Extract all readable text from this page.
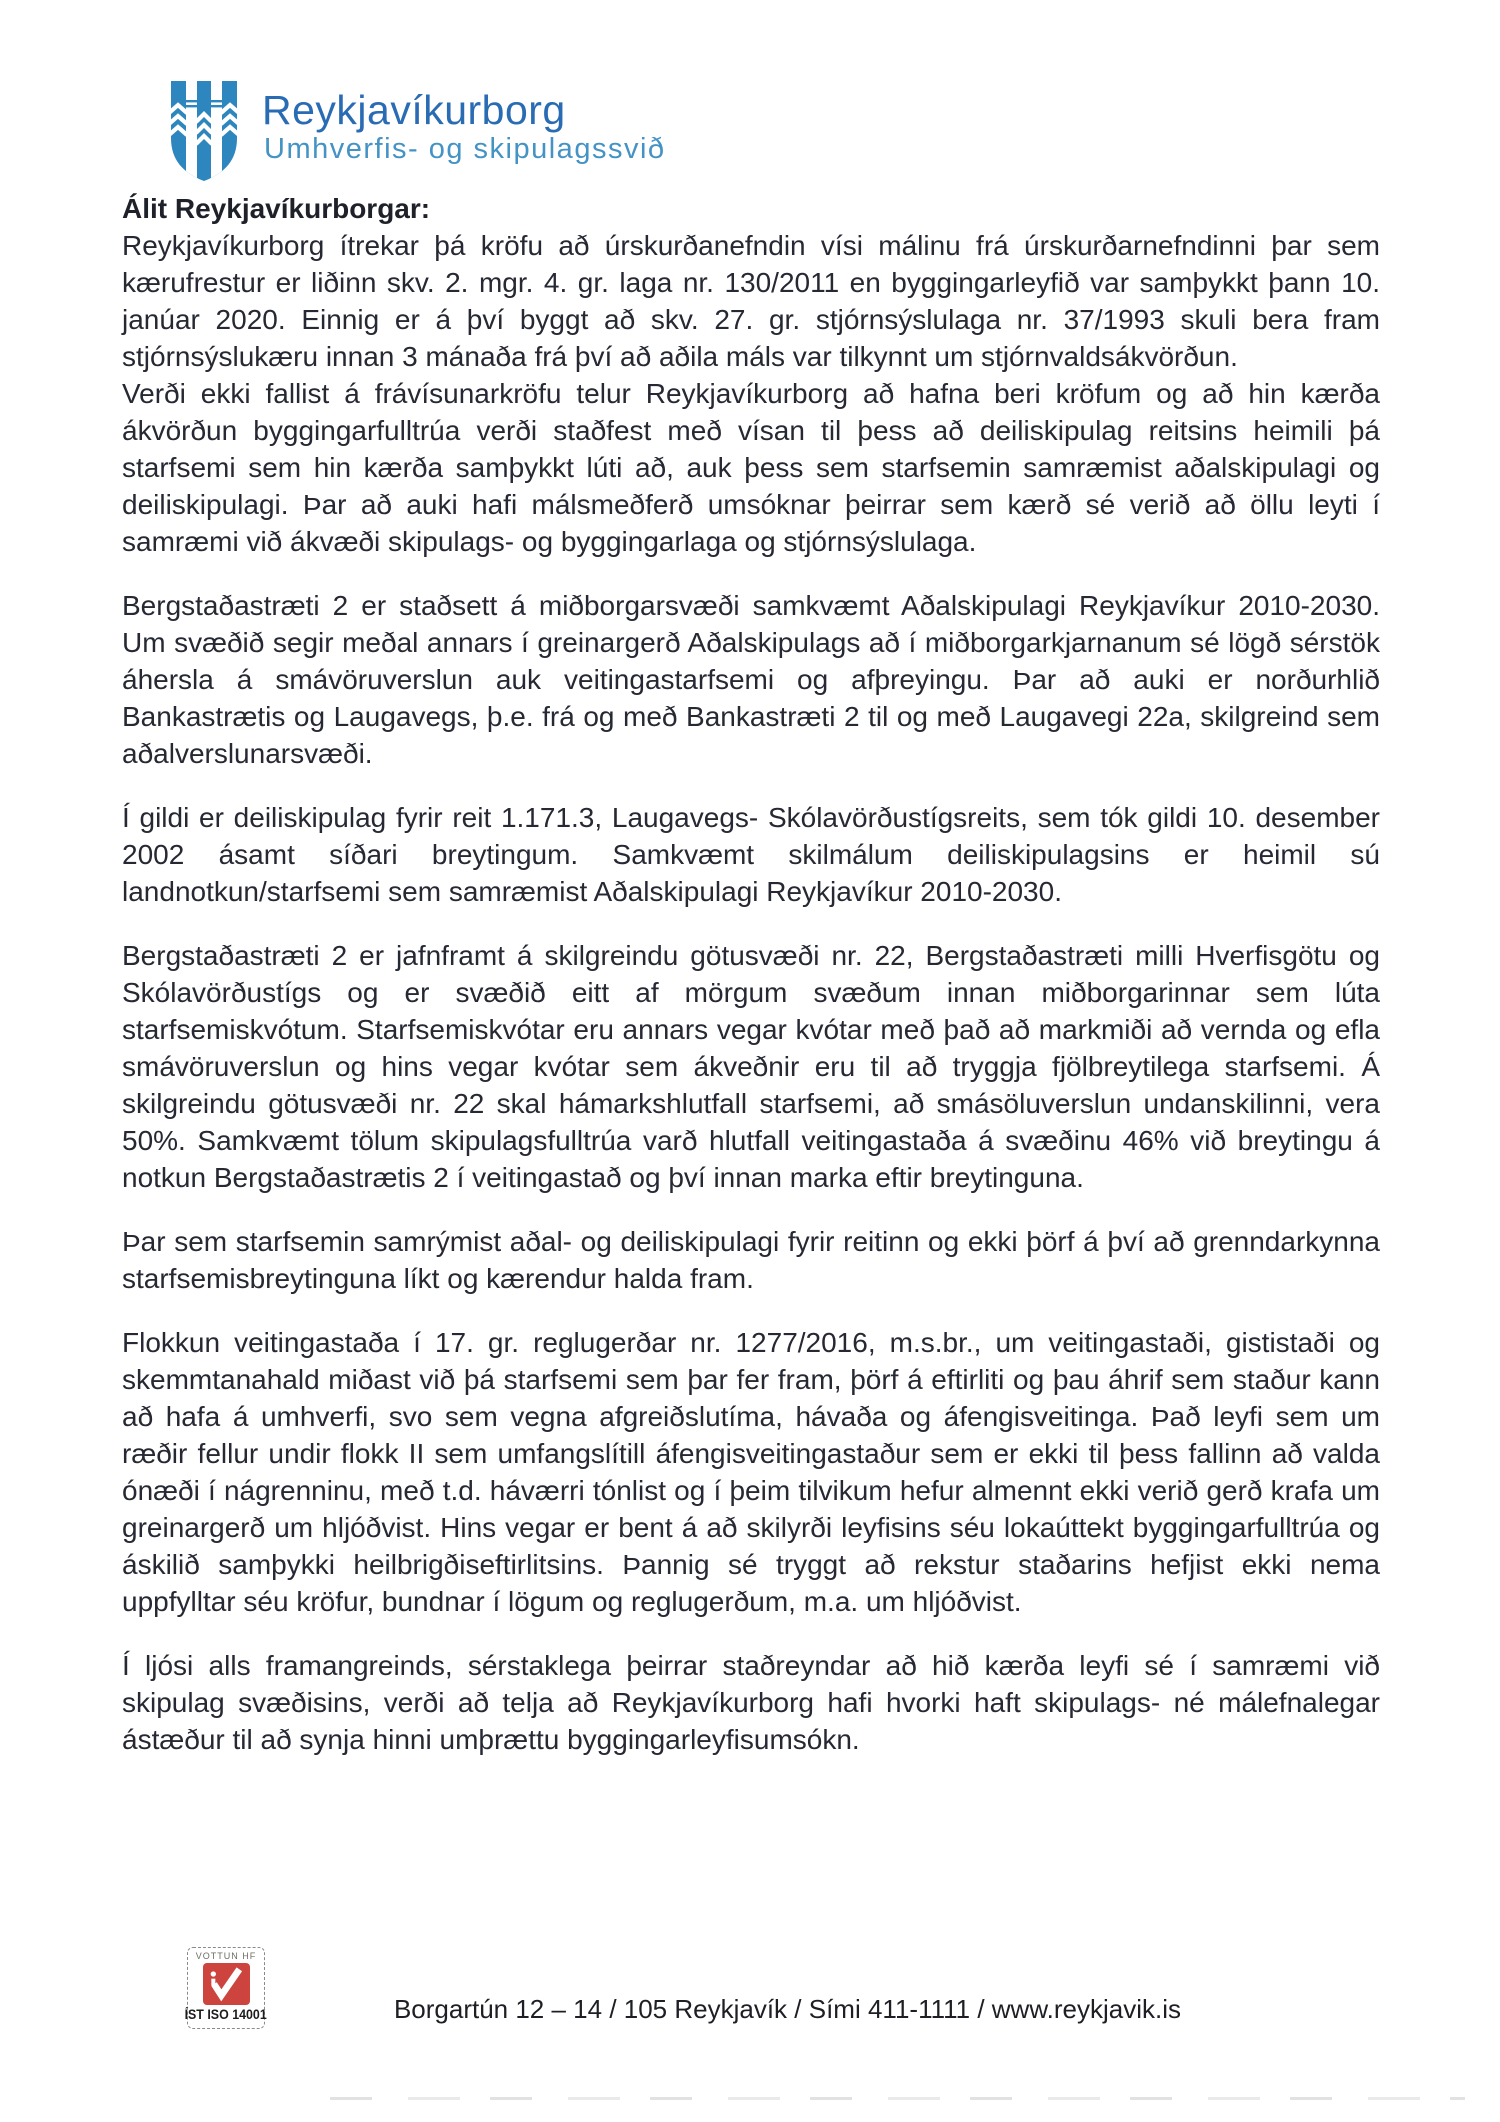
Reykjavíkurborg
Umhverfis- og skipulagssvið
Álit Reykjavíkurborgar:

Reykjavíkurborg ítrekar þá kröfu að úrskurðanefndin vísi málinu frá úrskurðarnefndinni þar sem kærufrestur er liðinn skv. 2. mgr. 4. gr. laga nr. 130/2011 en byggingarleyfið var samþykkt þann 10. janúar 2020. Einnig er á því byggt að skv. 27. gr. stjórnsýslulaga nr. 37/1993 skuli bera fram stjórnsýslukæru innan 3 mánaða frá því að aðila máls var tilkynnt um stjórnvaldsákvörðun.

Verði ekki fallist á frávísunarkröfu telur Reykjavíkurborg að hafna beri kröfum og að hin kærða ákvörðun byggingarfulltrúa verði staðfest með vísan til þess að deiliskipulag reitsins heimili þá starfsemi sem hin kærða samþykkt lúti að, auk þess sem starfsemin samræmist aðalskipulagi og deiliskipulagi. Þar að auki hafi málsmeðferð umsóknar þeirrar sem kærð sé verið að öllu leyti í samræmi við ákvæði skipulags- og byggingarlaga og stjórnsýslulaga.

Bergstaðastræti 2 er staðsett á miðborgarsvæði samkvæmt Aðalskipulagi Reykjavíkur 2010-2030. Um svæðið segir meðal annars í greinargerð Aðalskipulags að í miðborgarkjarnanum sé lögð sérstök áhersla á smávöruverslun auk veitingastarfsemi og afþreyingu. Þar að auki er norðurhlið Bankastrætis og Laugavegs, þ.e. frá og með Bankastræti 2 til og með Laugavegi 22a, skilgreind sem aðalverslunarsvæði.

Í gildi er deiliskipulag fyrir reit 1.171.3, Laugavegs- Skólavörðustígsreits, sem tók gildi 10. desember 2002 ásamt síðari breytingum. Samkvæmt skilmálum deiliskipulagsins er heimil sú landnotkun/starfsemi sem samræmist Aðalskipulagi Reykjavíkur 2010-2030.

Bergstaðastræti 2 er jafnframt á skilgreindu götusvæði nr. 22, Bergstaðastræti milli Hverfisgötu og Skólavörðustígs og er svæðið eitt af mörgum svæðum innan miðborgarinnar sem lúta starfsemiskvótum. Starfsemiskvótar eru annars vegar kvótar með það að markmiði að vernda og efla smávöruverslun og hins vegar kvótar sem ákveðnir eru til að tryggja fjölbreytilega starfsemi. Á skilgreindu götusvæði nr. 22 skal hámarkshlutfall starfsemi, að smásöluverslun undanskilinni, vera 50%. Samkvæmt tölum skipulagsfulltrúa varð hlutfall veitingastaða á svæðinu 46% við breytingu á notkun Bergstaðastrætis 2 í veitingastað og því innan marka eftir breytinguna.

Þar sem starfsemin samrýmist aðal- og deiliskipulagi fyrir reitinn og ekki þörf á því að grenndarkynna starfsemisbreytinguna líkt og kærendur halda fram.

Flokkun veitingastaða í 17. gr. reglugerðar nr. 1277/2016, m.s.br., um veitingastaði, gististaði og skemmtanahald miðast við þá starfsemi sem þar fer fram, þörf á eftirliti og þau áhrif sem staður kann að hafa á umhverfi, svo sem vegna afgreiðslutíma, hávaða og áfengisveitinga. Það leyfi sem um ræðir fellur undir flokk II sem umfangslítill áfengisveitingastaður sem er ekki til þess fallinn að valda ónæði í nágrenninu, með t.d. háværri tónlist og í þeim tilvikum hefur almennt ekki verið gerð krafa um greinargerð um hljóðvist. Hins vegar er bent á að skilyrði leyfisins séu lokaúttekt byggingarfulltrúa og áskilið samþykki heilbrigðiseftirlitsins. Þannig sé tryggt að rekstur staðarins hefjist ekki nema uppfylltar séu kröfur, bundnar í lögum og reglugerðum, m.a. um hljóðvist.

Í ljósi alls framangreinds, sérstaklega þeirrar staðreyndar að hið kærða leyfi sé í samræmi við skipulag svæðisins, verði að telja að Reykjavíkurborg hafi hvorki haft skipulags- né málefnalegar ástæður til að synja hinni umþrættu byggingarleyfisumsókn.

VOTTUN HF
ÍST ISO 14001	Borgartún 12 – 14 / 105 Reykjavík / Sími 411-1111 / www.reykjavik.is
